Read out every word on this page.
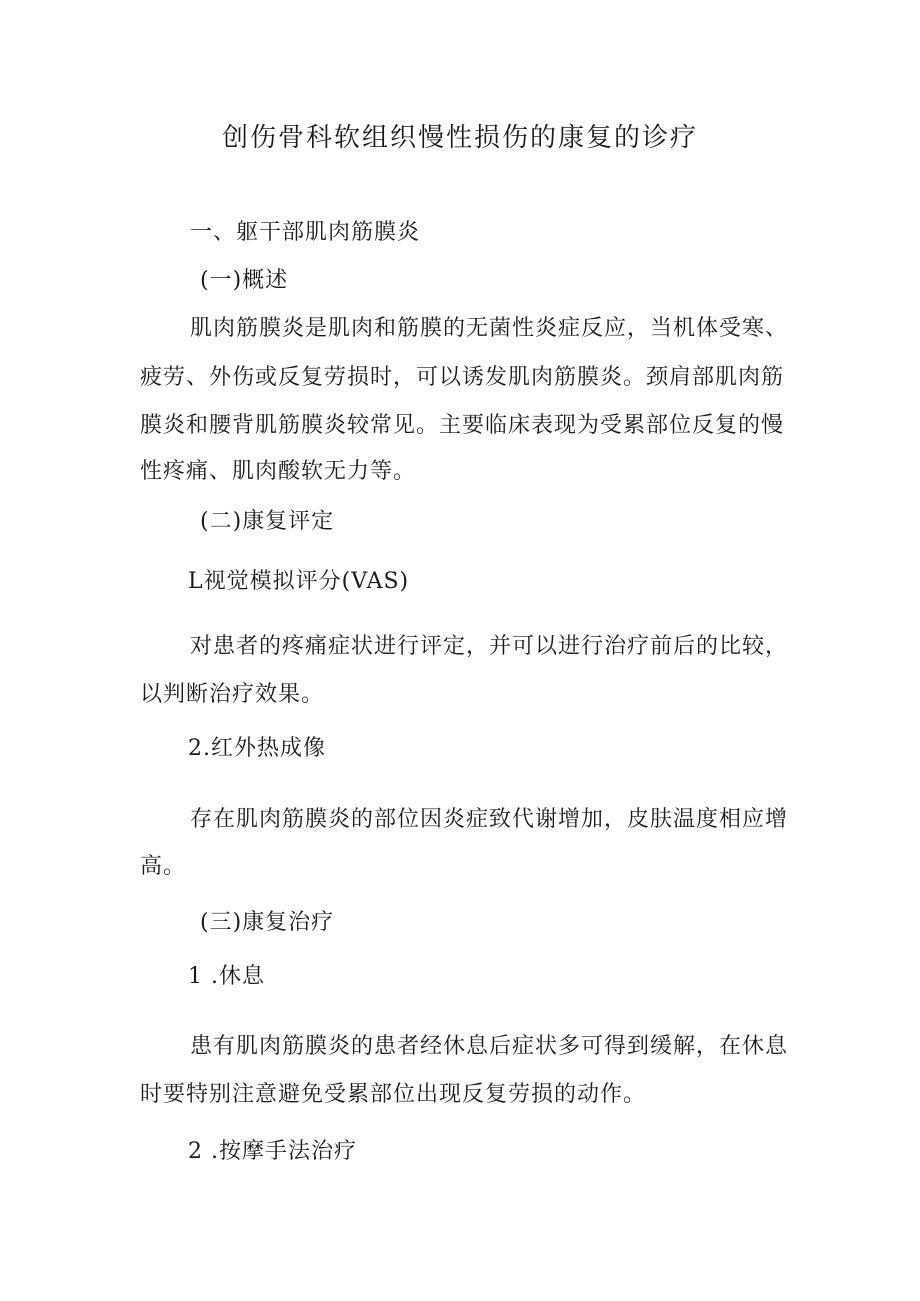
创伤骨科软组织慢性损伤的康复的诊疗
一、躯干部肌肉筋膜炎
(一)概述
肌肉筋膜炎是肌肉和筋膜的无菌性炎症反应，当机体受寒、
疲劳、外伤或反复劳损时，可以诱发肌肉筋膜炎。颈肩部肌肉筋
膜炎和腰背肌筋膜炎较常见。主要临床表现为受累部位反复的慢
性疼痛、肌肉酸软无力等。
(二)康复评定
L视觉模拟评分(VAS)
对患者的疼痛症状进行评定，并可以进行治疗前后的比较，
以判断治疗效果。
2.红外热成像
存在肌肉筋膜炎的部位因炎症致代谢增加，皮肤温度相应增
高。
(三)康复治疗
1 .休息
患有肌肉筋膜炎的患者经休息后症状多可得到缓解，在休息
时要特别注意避免受累部位出现反复劳损的动作。
2 .按摩手法治疗
